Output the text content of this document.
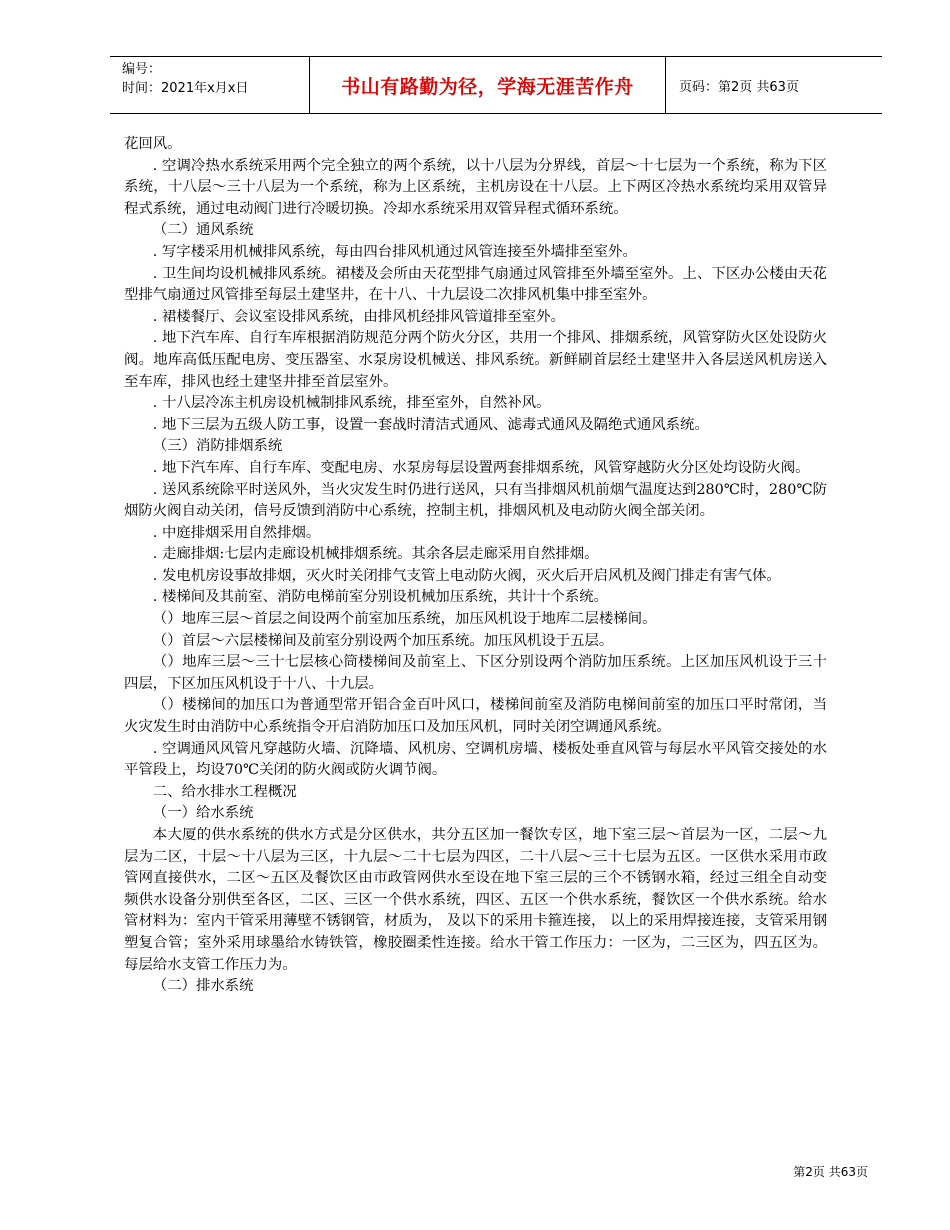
编号：
时间：2021年x月x日	书山有路勤为径，学海无涯苦作舟	页码：第2页 共63页

花回风。

. 空调冷热水系统采用两个完全独立的两个系统，以十八层为分界线，首层～十七层为一个系统，称为下区系统，十八层～三十八层为一个系统，称为上区系统，主机房设在十八层。上下两区冷热水系统均采用双管异程式系统，通过电动阀门进行冷暖切换。冷却水系统采用双管异程式循环系统。

（二）通风系统

. 写字楼采用机械排风系统，每由四台排风机通过风管连接至外墙排至室外。

. 卫生间均设机械排风系统。裙楼及会所由天花型排气扇通过风管排至外墙至室外。上、下区办公楼由天花型排气扇通过风管排至每层土建坚井，在十八、十九层设二次排风机集中排至室外。

. 裙楼餐厅、会议室设排风系统，由排风机经排风管道排至室外。

. 地下汽车库、自行车库根据消防规范分两个防火分区，共用一个排风、排烟系统，风管穿防火区处设防火阀。地库高低压配电房、变压器室、水泵房设机械送、排风系统。新鲜刷首层经土建坚井入各层送风机房送入至车库，排风也经土建坚井排至首层室外。

. 十八层冷冻主机房设机械制排风系统，排至室外，自然补风。

. 地下三层为五级人防工事，设置一套战时清洁式通风、滤毒式通风及隔绝式通风系统。

（三）消防排烟系统

. 地下汽车库、自行车库、变配电房、水泵房每层设置两套排烟系统，风管穿越防火分区处均设防火阀。

. 送风系统除平时送风外，当火灾发生时仍进行送风，只有当排烟风机前烟气温度达到280℃时，280℃防烟防火阀自动关闭，信号反馈到消防中心系统，控制主机，排烟风机及电动防火阀全部关闭。

. 中庭排烟采用自然排烟。

. 走廊排烟:七层内走廊设机械排烟系统。其余各层走廊采用自然排烟。

. 发电机房设事故排烟，灭火时关闭排气支管上电动防火阀，灭火后开启风机及阀门排走有害气体。

. 楼梯间及其前室、消防电梯前室分别设机械加压系统，共计十个系统。

（）地库三层～首层之间设两个前室加压系统，加压风机设于地库二层楼梯间。

（）首层～六层楼梯间及前室分别设两个加压系统。加压风机设于五层。

（）地库三层～三十七层核心筒楼梯间及前室上、下区分别设两个消防加压系统。上区加压风机设于三十四层，下区加压风机设于十八、十九层。

（）楼梯间的加压口为普通型常开铝合金百叶风口，楼梯间前室及消防电梯间前室的加压口平时常闭，当火灾发生时由消防中心系统指令开启消防加压口及加压风机，同时关闭空调通风系统。

. 空调通风风管凡穿越防火墙、沉降墙、风机房、空调机房墙、楼板处垂直风管与每层水平风管交接处的水平管段上，均设70℃关闭的防火阀或防火调节阀。

二、给水排水工程概况

（一）给水系统

本大厦的供水系统的供水方式是分区供水，共分五区加一餐饮专区，地下室三层～首层为一区，二层～九层为二区，十层～十八层为三区，十九层～二十七层为四区，二十八层～三十七层为五区。一区供水采用市政管网直接供水，二区～五区及餐饮区由市政管网供水至设在地下室三层的三个不锈钢水箱，经过三组全自动变频供水设备分别供至各区，二区、三区一个供水系统，四区、五区一个供水系统，餐饮区一个供水系统。给水管材料为：室内干管采用薄壁不锈钢管，材质为， 及以下的采用卡箍连接， 以上的采用焊接连接，支管采用钢塑复合管；室外采用球墨给水铸铁管，橡胶圈柔性连接。给水干管工作压力：一区为，二三区为，四五区为。每层给水支管工作压力为。

（二）排水系统

第2页 共63页
